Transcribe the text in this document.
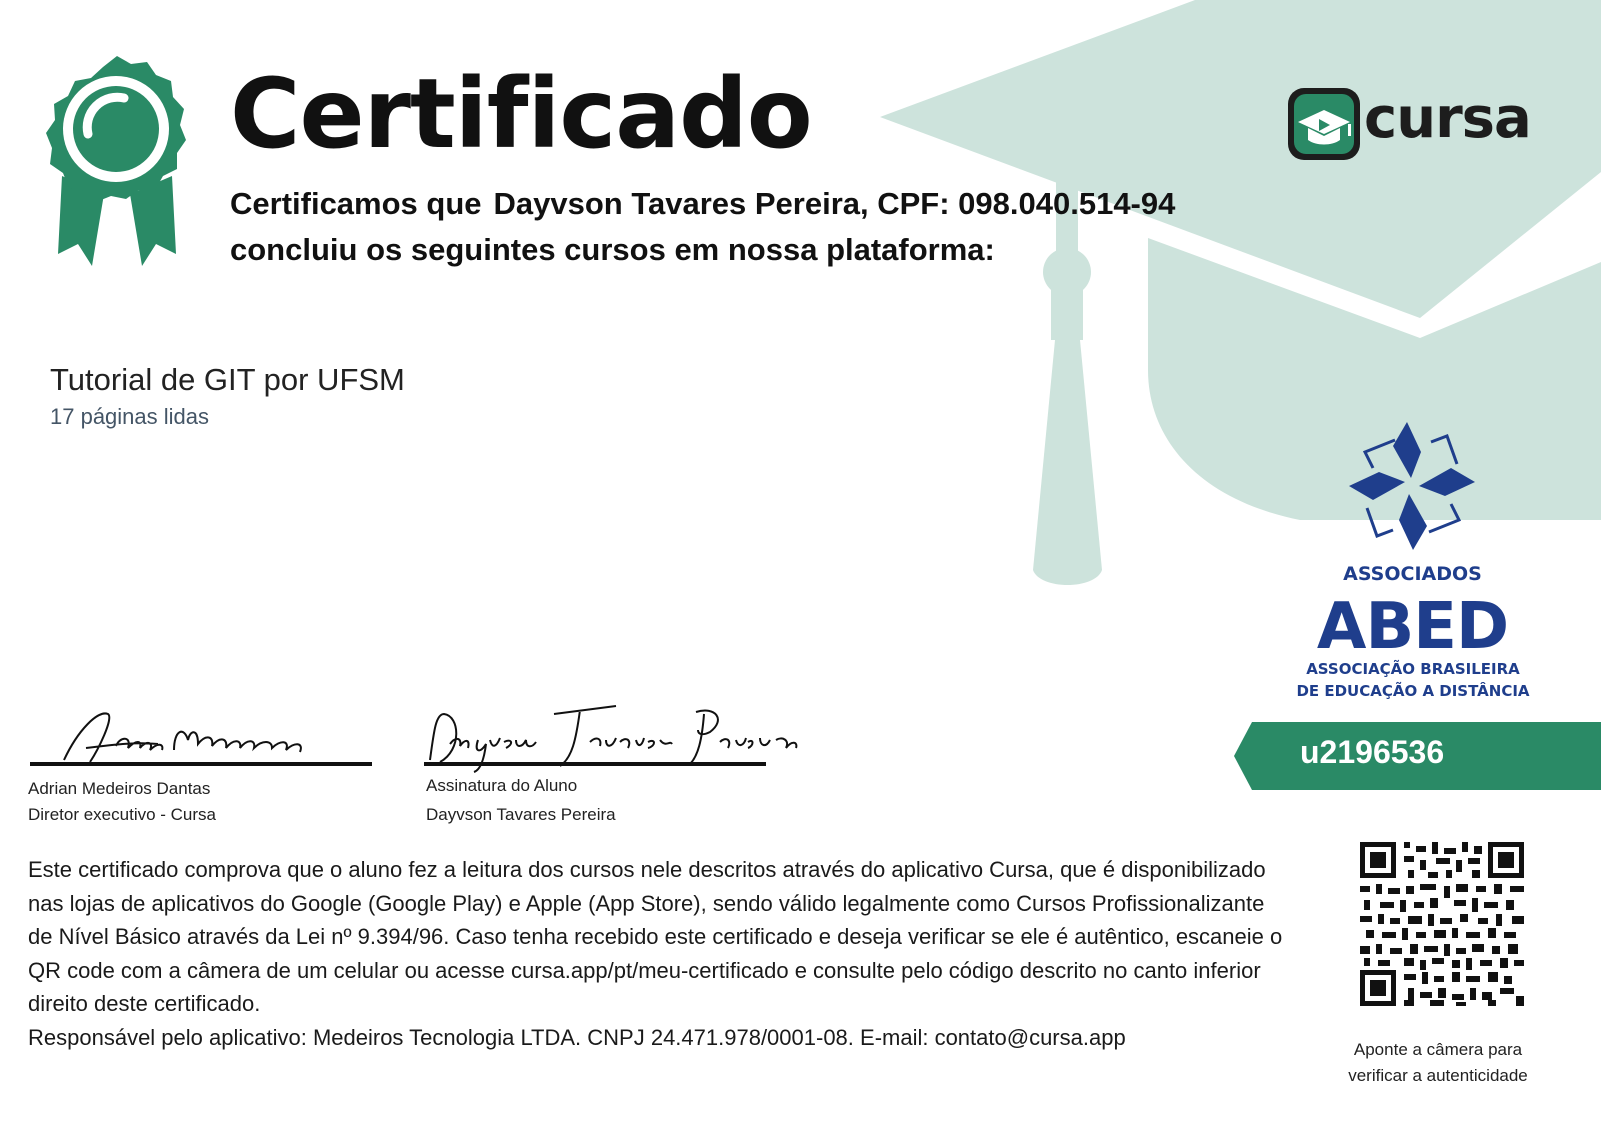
Certificado
Certificamos que Dayvson Tavares Pereira, CPF: 098.040.514-94
concluiu os seguintes cursos em nossa plataforma:
Tutorial de GIT por UFSM
17 páginas lidas
cursa
ASSOCIADOS
ABED
ASSOCIAÇÃO BRASILEIRA
DE EDUCAÇÃO A DISTÂNCIA
u2196536
Adrian Medeiros Dantas
Diretor executivo - Cursa
Assinatura do Aluno
Dayvson Tavares Pereira

Este certificado comprova que o aluno fez a leitura dos cursos nele descritos através do aplicativo Cursa, que é disponibilizado nas lojas de aplicativos do Google (Google Play) e Apple (App Store), sendo válido legalmente como Cursos Profissionalizante de Nível Básico através da Lei nº 9.394/96. Caso tenha recebido este certificado e deseja verificar se ele é autêntico, escaneie o QR code com a câmera de um celular ou acesse cursa.app/pt/meu-certificado e consulte pelo código descrito no canto inferior direito deste certificado.

Responsável pelo aplicativo: Medeiros Tecnologia LTDA. CNPJ 24.471.978/0001-08. E-mail: contato@cursa.app	Aponte a câmera para
verificar a autenticidade
